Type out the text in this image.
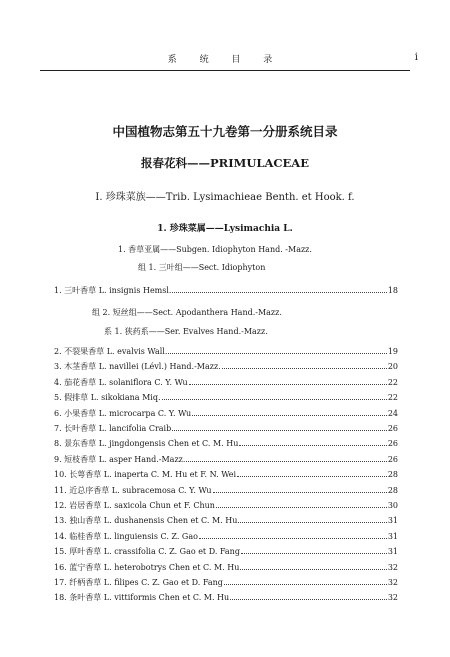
系 统 目 录	i
中国植物志第五十九卷第一分册系统目录
报春花科——PRIMULACEAE
I. 珍珠菜族——Trib. Lysimachieae Benth. et Hook. f.
1. 珍珠菜属——Lysimachia L.
1. 香草亚属——Subgen. Idiophyton Hand. -Mazz.
组 1. 三叶组——Sect. Idiophyton
组 2. 短丝组——Sect. Apodanthera Hand.-Mazz.
系 1. 狭药系——Ser. Evalves Hand.-Mazz.
1. 三叶香草 L. insignis Hemsl.	18
2. 不裂果香草 L. evalvis Wall.	19
3. 木茎香草 L. navillei (Lévl.) Hand.-Mazz.	20
4. 茄花香草 L. solaniflora C. Y. Wu	22
5. 假排草 L. sikokiana Miq.	22
6. 小果香草 L. microcarpa C. Y. Wu	24
7. 长叶香草 L. lancifolia Craib	26
8. 景东香草 L. jingdongensis Chen et C. M. Hu	26
9. 短枝香草 L. asper Hand.-Mazz.	26
10. 长萼香草 L. inaperta C. M. Hu et F. N. Wei	28
11. 近总序香草 L. subracemosa C. Y. Wu	28
12. 岩居香草 L. saxicola Chun et F. Chun	30
13. 独山香草 L. dushanensis Chen et C. M. Hu	31
14. 临桂香草 L. linguiensis C. Z. Gao	31
15. 厚叶香草 L. crassifolia C. Z. Gao et D. Fang	31
16. 蓝宁香草 L. heterobotrys Chen et C. M. Hu	32
17. 纤柄香草 L. filipes C. Z. Gao et D. Fang	32
18. 条叶香草 L. vittiformis Chen et C. M. Hu	32
